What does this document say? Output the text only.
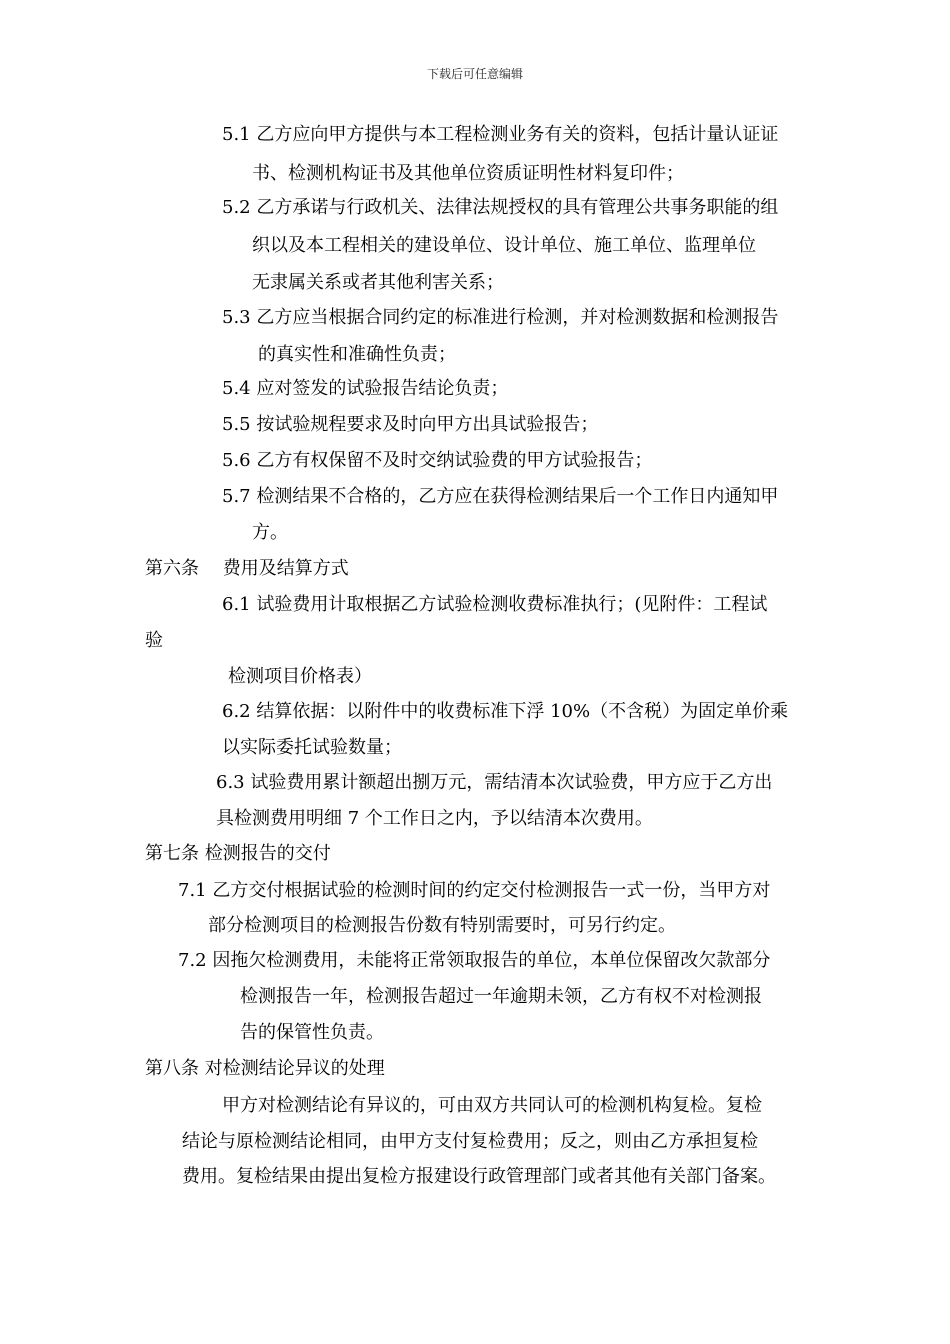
下载后可任意编辑
5.1 乙方应向甲方提供与本工程检测业务有关的资料，包括计量认证证
书、检测机构证书及其他单位资质证明性材料复印件；
5.2 乙方承诺与行政机关、法律法规授权的具有管理公共事务职能的组
织以及本工程相关的建设单位、设计单位、施工单位、监理单位
无隶属关系或者其他利害关系；
5.3 乙方应当根据合同约定的标准进行检测，并对检测数据和检测报告
的真实性和准确性负责；
5.4 应对签发的试验报告结论负责；
5.5 按试验规程要求及时向甲方出具试验报告；
5.6 乙方有权保留不及时交纳试验费的甲方试验报告；
5.7 检测结果不合格的，乙方应在获得检测结果后一个工作日内通知甲
方。
第六条　 费用及结算方式
6.1 试验费用计取根据乙方试验检测收费标准执行；(见附件：工程试
验
检测项目价格表）
6.2 结算依据：以附件中的收费标准下浮 10%（不含税）为固定单价乘
以实际委托试验数量；
6.3 试验费用累计额超出捌万元，需结清本次试验费，甲方应于乙方出
具检测费用明细 7 个工作日之内，予以结清本次费用。
第七条 检测报告的交付
7.1 乙方交付根据试验的检测时间的约定交付检测报告一式一份，当甲方对
部分检测项目的检测报告份数有特别需要时，可另行约定。
7.2 因拖欠检测费用，未能将正常领取报告的单位，本单位保留改欠款部分
检测报告一年，检测报告超过一年逾期未领，乙方有权不对检测报
告的保管性负责。
第八条 对检测结论异议的处理
甲方对检测结论有异议的，可由双方共同认可的检测机构复检。复检
结论与原检测结论相同，由甲方支付复检费用；反之，则由乙方承担复检
费用。复检结果由提出复检方报建设行政管理部门或者其他有关部门备案。
